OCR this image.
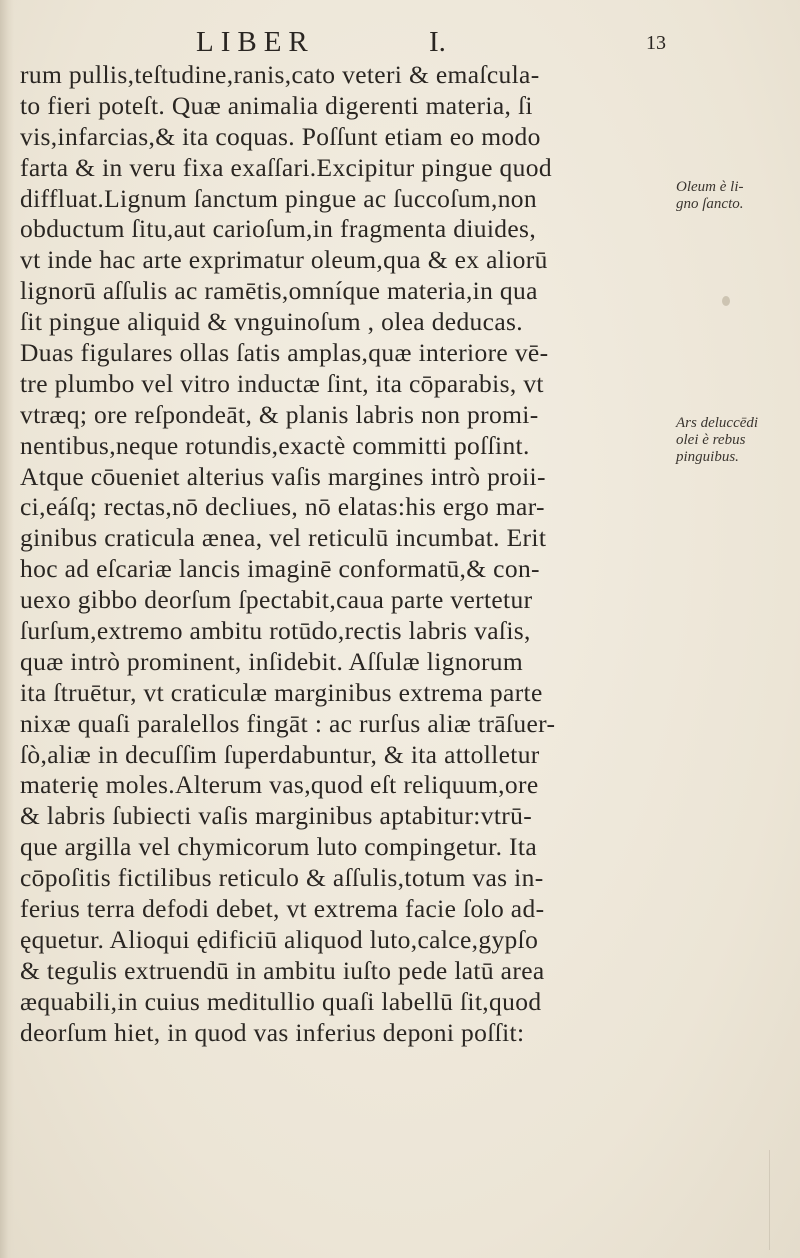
LIBER	I.	13
rum pullis,teſtudine,ranis,cato veteri & emaſcula-
to fieri poteſt. Quæ animalia digerenti materia, ſi
vis,infarcias,& ita coquas. Poſſunt etiam eo modo
farta & in veru fixa exaſſari.Excipitur pingue quod
diffluat.Lignum ſanctum pingue ac ſuccoſum,non
obductum ſitu,aut carioſum,in fragmenta diuides,
vt inde hac arte exprimatur oleum,qua & ex aliorū
lignorū aſſulis ac ramētis,omníque materia,in qua
ſit pingue aliquid & vnguinoſum , olea deducas.
Duas figulares ollas ſatis amplas,quæ interiore vē-
tre plumbo vel vitro inductæ ſint, ita cōparabis, vt
vtræq; ore reſpondeāt, & planis labris non promi-
nentibus,neque rotundis,exactè committi poſſint.
Atque cōueniet alterius vaſis margines intrò proii-
ci,eáſq; rectas,nō decliues, nō elatas:his ergo mar-
ginibus craticula ænea, vel reticulū incumbat. Erit
hoc ad eſcariæ lancis imaginē conformatū,& con-
uexo gibbo deorſum ſpectabit,caua parte vertetur
ſurſum,extremo ambitu rotūdo,rectis labris vaſis,
quæ intrò prominent, inſidebit. Aſſulæ lignorum
ita ſtruētur, vt craticulæ marginibus extrema parte
nixæ quaſi paralellos fingāt : ac rurſus aliæ trāſuer-
ſò,aliæ in decuſſim ſuperdabuntur, & ita attolletur
materię moles.Alterum vas,quod eſt reliquum,ore
& labris ſubiecti vaſis marginibus aptabitur:vtrū-
que argilla vel chymicorum luto compingetur. Ita
cōpoſitis fictilibus reticulo & aſſulis,totum vas in-
ferius terra defodi debet, vt extrema facie ſolo ad-
ęquetur. Alioqui ędificiū aliquod luto,calce,gypſo
& tegulis extruendū in ambitu iuſto pede latū area
æquabili,in cuius meditullio quaſi labellū ſit,quod
deorſum hiet, in quod vas inferius deponi poſſit:
Oleum è li-
gno ſancto.
Ars deluccēdi
olei è rebus
pinguibus.
